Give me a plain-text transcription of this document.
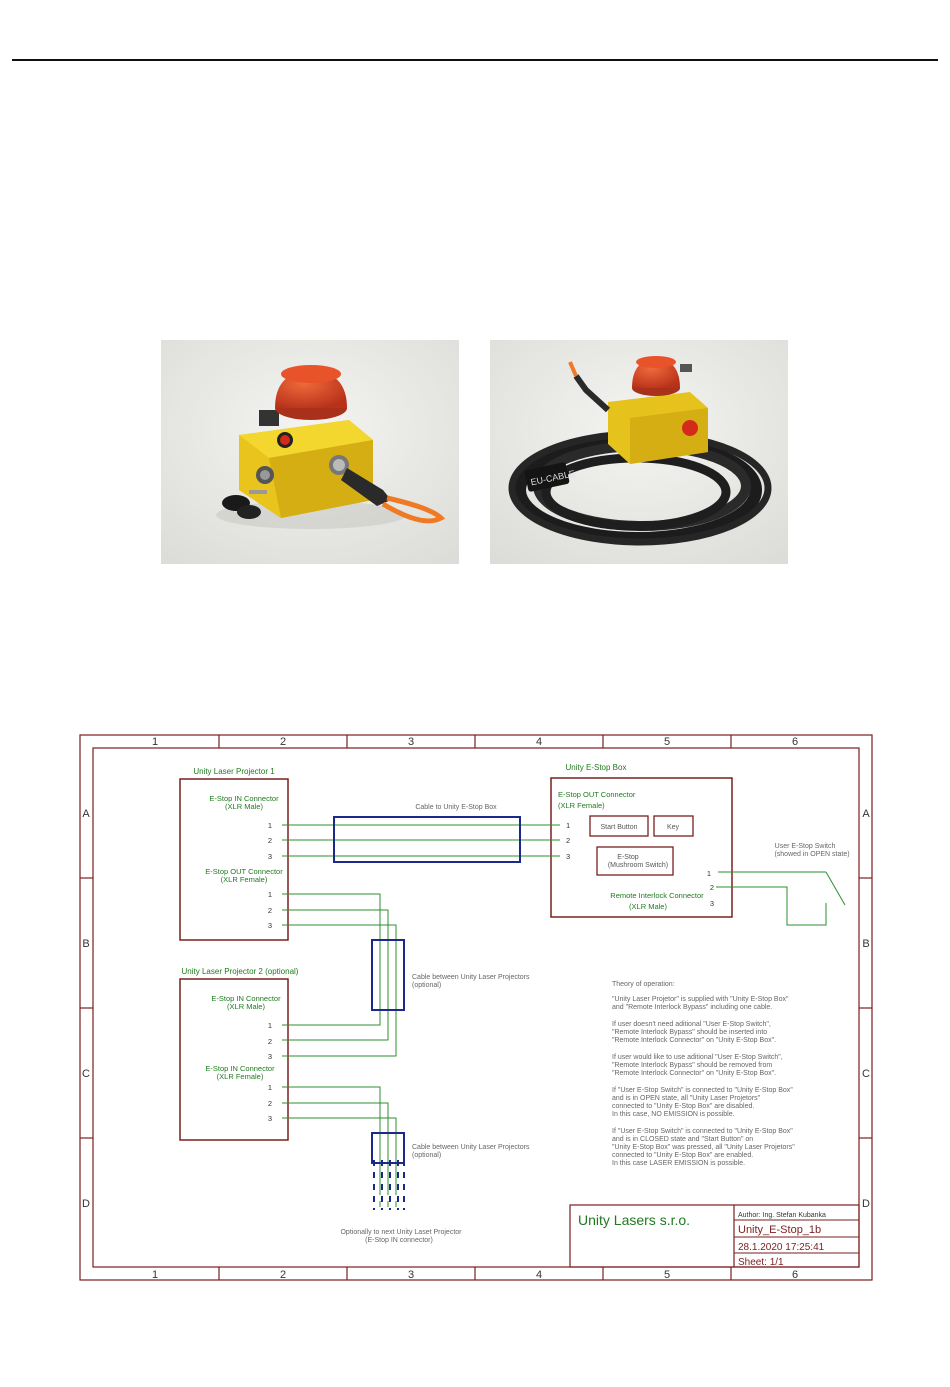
EU-CABLE
1	2	3	4	5	6
1	2	3	4	5	6
A
B
C
D
A
B
C
D
Unity Laser Projector 1
E-Stop IN Connector
(XLR Male)
1
2
3
E-Stop OUT Connector
(XLR Female)
1
2
3
Unity Laser Projector 2 (optional)
E-Stop IN Connector
(XLR Male)
1
2
3
E-Stop IN Connector
(XLR Female)
1
2
3
Unity E-Stop Box
E-Stop OUT Connector
(XLR Female)
1
2
3
Start Button	Key
E-Stop
(Mushroom Switch)
Remote Interlock Connector
(XLR Male)
1
2
3
Cable to Unity E-Stop Box
Cable between Unity Laser Projectors
(optional)
Cable between Unity Laser Projectors
(optional)
Optionally to next Unity Laset Projector
(E-Stop IN connector)
User E-Stop Switch
(showed in OPEN state)
Theory of operation:
"Unity Laser Projetor" is supplied with "Unity E-Stop Box"
and "Remote Interlock Bypass" including one cable.
If user doesn't need aditional "User E-Stop Switch",
"Remote Interlock Bypass" should be inserted into
"Remote Interlock Connector" on "Unity E-Stop Box".
If user would like to use aditional "User E-Stop Switch",
"Remote Interlock Bypass" should be removed from
"Remote Interlock Connector" on "Unity E-Stop Box".
If "User E-Stop Switch" is connected to "Unity E-Stop Box"
and is in OPEN state, all "Unity Laser Projetors"
connected to "Unity E-Stop Box" are disabled.
In this case, NO EMISSION is possible.
If "User E-Stop Switch" is connected to "Unity E-Stop Box"
and is in CLOSED state and "Start Button" on
"Unity E-Stop Box" was pressed, all "Unity Laser Projetors"
connected to "Unity E-Stop Box" are enabled.
In this case LASER EMISSION is possible.
Unity Lasers s.r.o.	Author: Ing. Stefan Kubanka
Unity_E-Stop_1b
28.1.2020 17:25:41
Sheet: 1/1
